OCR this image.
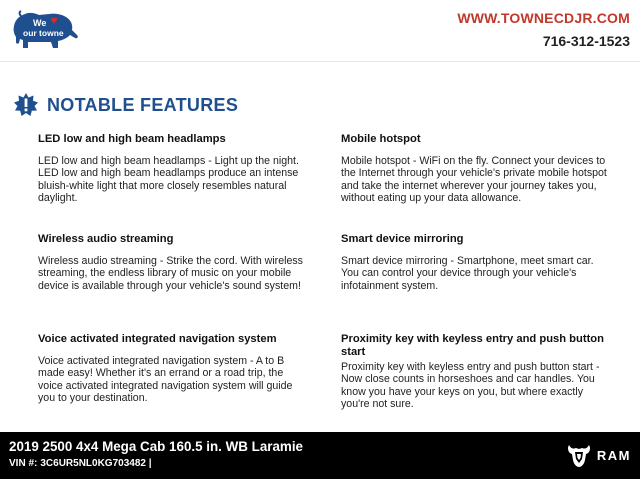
We
our towne
WWW.TOWNECDJR.COM
716-312-1523
NOTABLE FEATURES
LED low and high beam headlamps
LED low and high beam headlamps - Light up the night. LED low and high beam headlamps produce an intense bluish-white light that more closely resembles natural daylight.
Mobile hotspot
Mobile hotspot - WiFi on the fly. Connect your devices to the Internet through your vehicle's private mobile hotspot and take the internet wherever your journey takes you, without eating up your data allowance.
Wireless audio streaming
Wireless audio streaming - Strike the cord. With wireless streaming, the endless library of music on your mobile device is available through your vehicle's sound system!
Smart device mirroring
Smart device mirroring - Smartphone, meet smart car. You can control your device through your vehicle's infotainment system.
Voice activated integrated navigation system
Voice activated integrated navigation system - A to B made easy! Whether it's an errand or a road trip, the voice activated integrated navigation system will guide you to your destination.
Proximity key with keyless entry and push button start
Proximity key with keyless entry and push button start - Now close counts in horseshoes and car handles. You know you have your keys on you, but where exactly you're not sure.
2019 2500 4x4 Mega Cab 160.5 in. WB Laramie
VIN #: 3C6UR5NL0KG703482 |
RAM
